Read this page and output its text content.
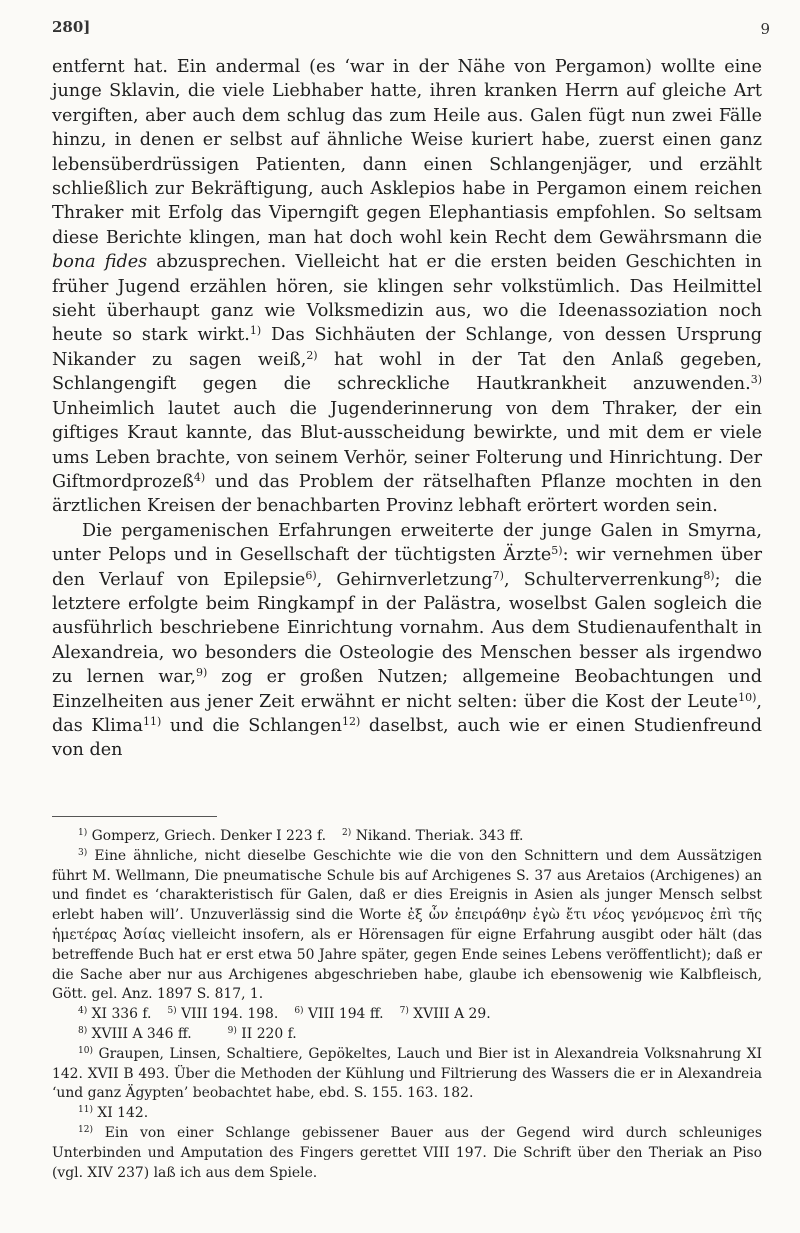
280]	9

entfernt hat. Ein andermal (es ‘war in der Nähe von Pergamon) wollte eine junge Sklavin, die viele Liebhaber hatte, ihren kranken Herrn auf gleiche Art vergiften, aber auch dem schlug das zum Heile aus. Galen fügt nun zwei Fälle hinzu, in denen er selbst auf ähnliche Weise kuriert habe, zuerst einen ganz lebensüberdrüssigen Patienten, dann einen Schlangenjäger, und erzählt schließlich zur Bekräftigung, auch Asklepios habe in Pergamon einem reichen Thraker mit Erfolg das Viperngift gegen Elephantiasis empfohlen. So seltsam diese Berichte klingen, man hat doch wohl kein Recht dem Gewährsmann die bona fides abzusprechen. Vielleicht hat er die ersten beiden Geschichten in früher Jugend erzählen hören, sie klingen sehr volkstümlich. Das Heilmittel sieht überhaupt ganz wie Volksmedizin aus, wo die Ideenassoziation noch heute so stark wirkt.$^{1)}$ Das Sichhäuten der Schlange, von dessen Ursprung Nikander zu sagen weiß,$^{2)}$ hat wohl in der Tat den Anlaß gegeben, Schlangengift gegen die schreckliche Hautkrankheit anzuwenden.$^{3)}$ Unheimlich lautet auch die Jugenderinnerung von dem Thraker, der ein giftiges Kraut kannte, das Blut-ausscheidung bewirkte, und mit dem er viele ums Leben brachte, von seinem Verhör, seiner Folterung und Hinrichtung. Der Giftmordprozeß$^{4)}$ und das Problem der rätselhaften Pflanze mochten in den ärztlichen Kreisen der benachbarten Provinz lebhaft erörtert worden sein.

Die pergamenischen Erfahrungen erweiterte der junge Galen in Smyrna, unter Pelops und in Gesellschaft der tüchtigsten Ärzte$^{5)}$: wir vernehmen über den Verlauf von Epilepsie$^{6)}$, Gehirnverletzung$^{7)}$, Schulterverrenkung$^{8)}$; die letztere erfolgte beim Ringkampf in der Palästra, woselbst Galen sogleich die ausführlich beschriebene Einrichtung vornahm. Aus dem Studienaufenthalt in Alexandreia, wo besonders die Osteologie des Menschen besser als irgendwo zu lernen war,$^{9)}$ zog er großen Nutzen; allgemeine Beobachtungen und Einzelheiten aus jener Zeit erwähnt er nicht selten: über die Kost der Leute$^{10)}$, das Klima$^{11)}$ und die Schlangen$^{12)}$ daselbst, auch wie er einen Studienfreund von den

$^{1)}$ Gomperz, Griech. Denker I 223 f. $^{2)}$ Nikand. Theriak. 343 ff.

$^{3)}$ Eine ähnliche, nicht dieselbe Geschichte wie die von den Schnittern und dem Aussätzigen führt M. Wellmann, Die pneumatische Schule bis auf Archigenes S. 37 aus Aretaios (Archigenes) an und findet es ‘charakteristisch für Galen, daß er dies Ereignis in Asien als junger Mensch selbst erlebt haben will’. Unzuverlässig sind die Worte ἐξ ὧν ἐπειράθην ἐγὼ ἔτι νέος γενόμενος ἐπὶ τῆς ἡμετέρας Ἀσίας vielleicht insofern, als er Hörensagen für eigne Erfahrung ausgibt oder hält (das betreffende Buch hat er erst etwa 50 Jahre später, gegen Ende seines Lebens veröffentlicht); daß er die Sache aber nur aus Archigenes abgeschrieben habe, glaube ich ebensowenig wie Kalbfleisch, Gött. gel. Anz. 1897 S. 817, 1.

$^{4)}$ XI 336 f. $^{5)}$ VIII 194. 198. $^{6)}$ VIII 194 ff. $^{7)}$ XVIII A 29.

$^{8)}$ XVIII A 346 ff.	$^{9)}$ II 220 f.

$^{10)}$ Graupen, Linsen, Schaltiere, Gepökeltes, Lauch und Bier ist in Alexandreia Volksnahrung XI 142. XVII B 493. Über die Methoden der Kühlung und Filtrierung des Wassers die er in Alexandreia ‘und ganz Ägypten’ beobachtet habe, ebd. S. 155. 163. 182.

$^{11)}$ XI 142.

$^{12)}$ Ein von einer Schlange gebissener Bauer aus der Gegend wird durch schleuniges Unterbinden und Amputation des Fingers gerettet VIII 197. Die Schrift über den Theriak an Piso (vgl. XIV 237) laß ich aus dem Spiele.
